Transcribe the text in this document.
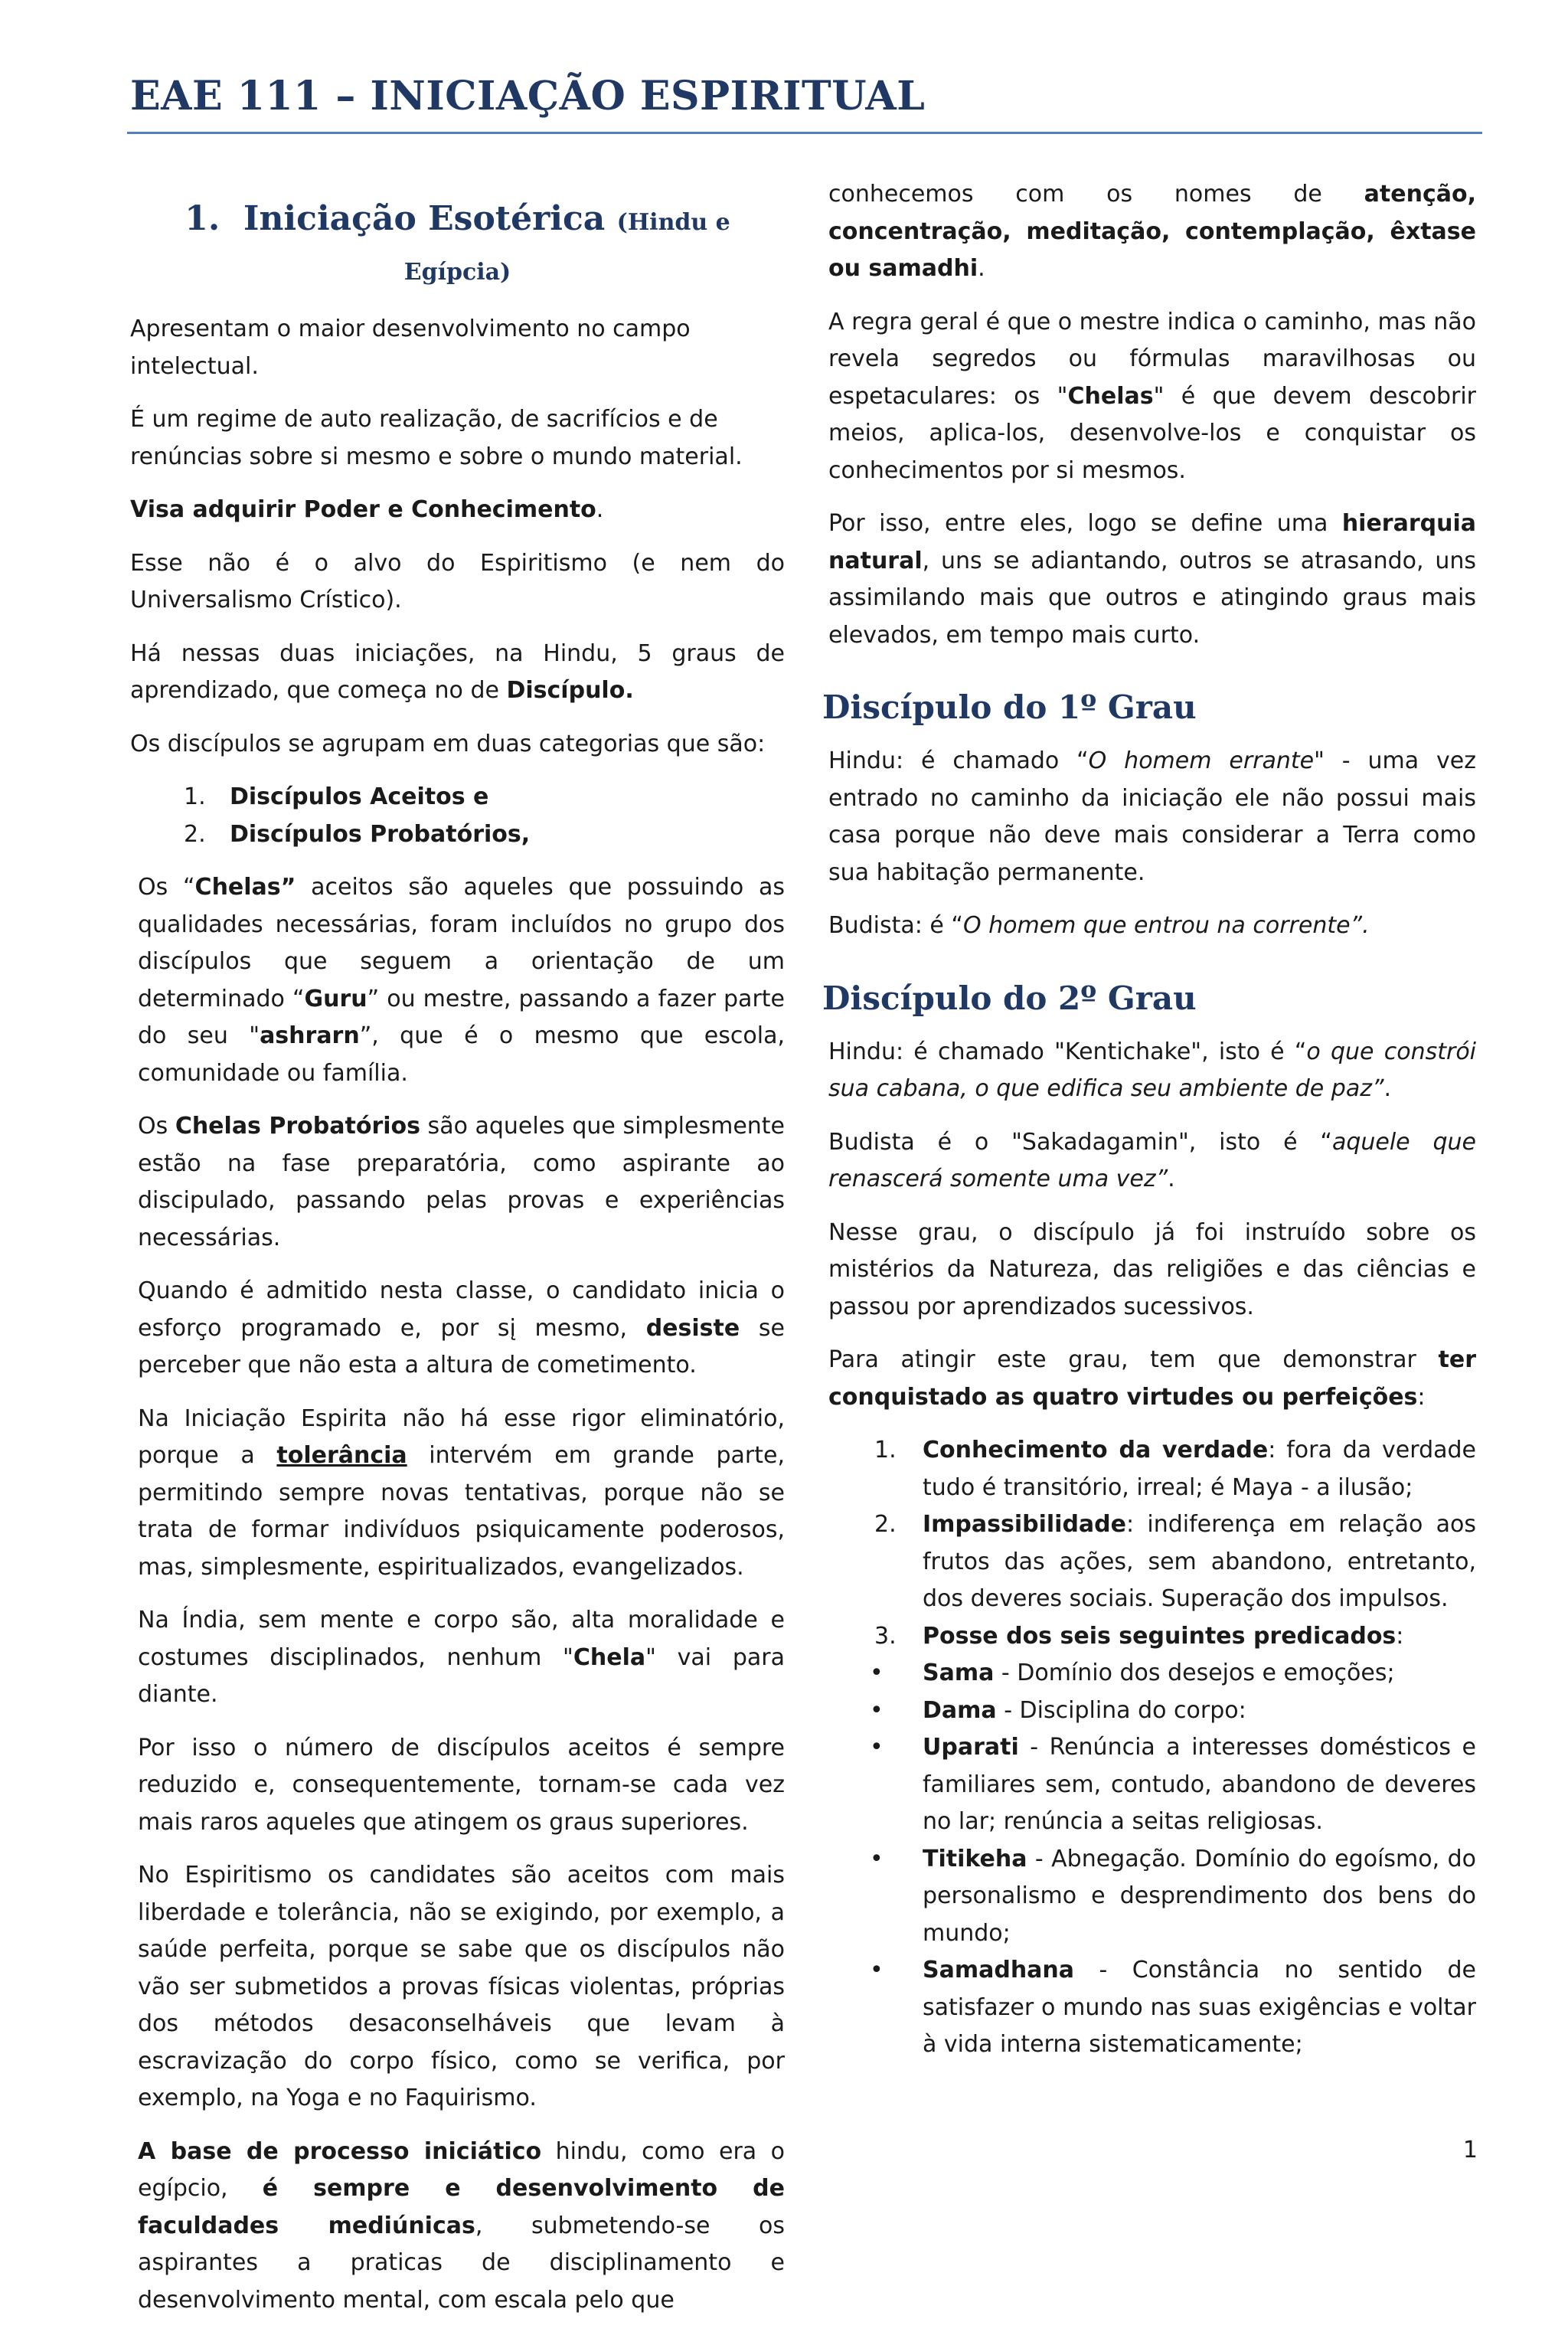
EAE 111 – INICIAÇÃO ESPIRITUAL
1. Iniciação Esotérica (Hindu e Egípcia)

Apresentam o maior desenvolvimento no campo intelectual.

É um regime de auto realização, de sacrifícios e de renúncias sobre si mesmo e sobre o mundo material.

Visa adquirir Poder e Conhecimento.

Esse não é o alvo do Espiritismo (e nem do Universalismo Crístico).

Há nessas duas iniciações, na Hindu, 5 graus de aprendizado, que começa no de Discípulo.

Os discípulos se agrupam em duas categorias que são:

1. Discípulos Aceitos e
2. Discípulos Probatórios,

Os “Chelas” aceitos são aqueles que possuindo as qualidades necessárias, foram incluídos no grupo dos discípulos que seguem a orientação de um determinado “Guru” ou mestre, passando a fazer parte do seu "ashrarn”, que é o mesmo que escola, comunidade ou família.

Os Chelas Probatórios são aqueles que simplesmente estão na fase preparatória, como aspirante ao discipulado, passando pelas provas e experiências necessárias.

Quando é admitido nesta classe, o candidato inicia o esforço programado e, por sį mesmo, desiste se perceber que não esta a altura de cometimento.

Na Iniciação Espirita não há esse rigor eliminatório, porque a tolerância intervém em grande parte, permitindo sempre novas tentativas, porque não se trata de formar indivíduos psiquicamente poderosos, mas, simplesmente, espiritualizados, evangelizados.

Na Índia, sem mente e corpo são, alta moralidade e costumes disciplinados, nenhum "Chela" vai para diante.

Por isso o número de discípulos aceitos é sempre reduzido e, consequentemente, tornam-se cada vez mais raros aqueles que atingem os graus superiores.

No Espiritismo os candidates são aceitos com mais liberdade e tolerância, não se exigindo, por exemplo, a saúde perfeita, porque se sabe que os discípulos não vão ser submetidos a provas físicas violentas, próprias dos métodos desaconselháveis que levam à escravização do corpo físico, como se verifica, por exemplo, na Yoga e no Faquirismo.

A base de processo iniciático hindu, como era o egípcio, é sempre e desenvolvimento de faculdades mediúnicas, submetendo-se os aspirantes a praticas de disciplinamento e desenvolvimento mental, com escala pelo que

conhecemos com os nomes de atenção, concentração, meditação, contemplação, êxtase ou samadhi.

A regra geral é que o mestre indica o caminho, mas não revela segredos ou fórmulas maravilhosas ou espetaculares: os "Chelas" é que devem descobrir meios, aplica-los, desenvolve-los e conquistar os conhecimentos por si mesmos.

Por isso, entre eles, logo se define uma hierarquia natural, uns se adiantando, outros se atrasando, uns assimilando mais que outros e atingindo graus mais elevados, em tempo mais curto.

Discípulo do 1º Grau

Hindu: é chamado “O homem errante" - uma vez entrado no caminho da iniciação ele não possui mais casa porque não deve mais considerar a Terra como sua habitação permanente.

Budista: é “O homem que entrou na corrente”.

Discípulo do 2º Grau

Hindu: é chamado "Kentichake", isto é “o que constrói sua cabana, o que edifica seu ambiente de paz”.

Budista é o "Sakadagamin", isto é “aquele que renascerá somente uma vez”.

Nesse grau, o discípulo já foi instruído sobre os mistérios da Natureza, das religiões e das ciências e passou por aprendizados sucessivos.

Para atingir este grau, tem que demonstrar ter conquistado as quatro virtudes ou perfeições:

1. Conhecimento da verdade: fora da verdade tudo é transitório, irreal; é Maya - a ilusão;
2. Impassibilidade: indiferença em relação aos frutos das ações, sem abandono, entretanto, dos deveres sociais. Superação dos impulsos.
3. Posse dos seis seguintes predicados:
• Sama - Domínio dos desejos e emoções;
• Dama - Disciplina do corpo:
• Uparati - Renúncia a interesses domésticos e familiares sem, contudo, abandono de deveres no lar; renúncia a seitas religiosas.
• Titikeha - Abnegação. Domínio do egoísmo, do personalismo e desprendimento dos bens do mundo;
• Samadhana - Constância no sentido de satisfazer o mundo nas suas exigências e voltar à vida interna sistematicamente;
1
